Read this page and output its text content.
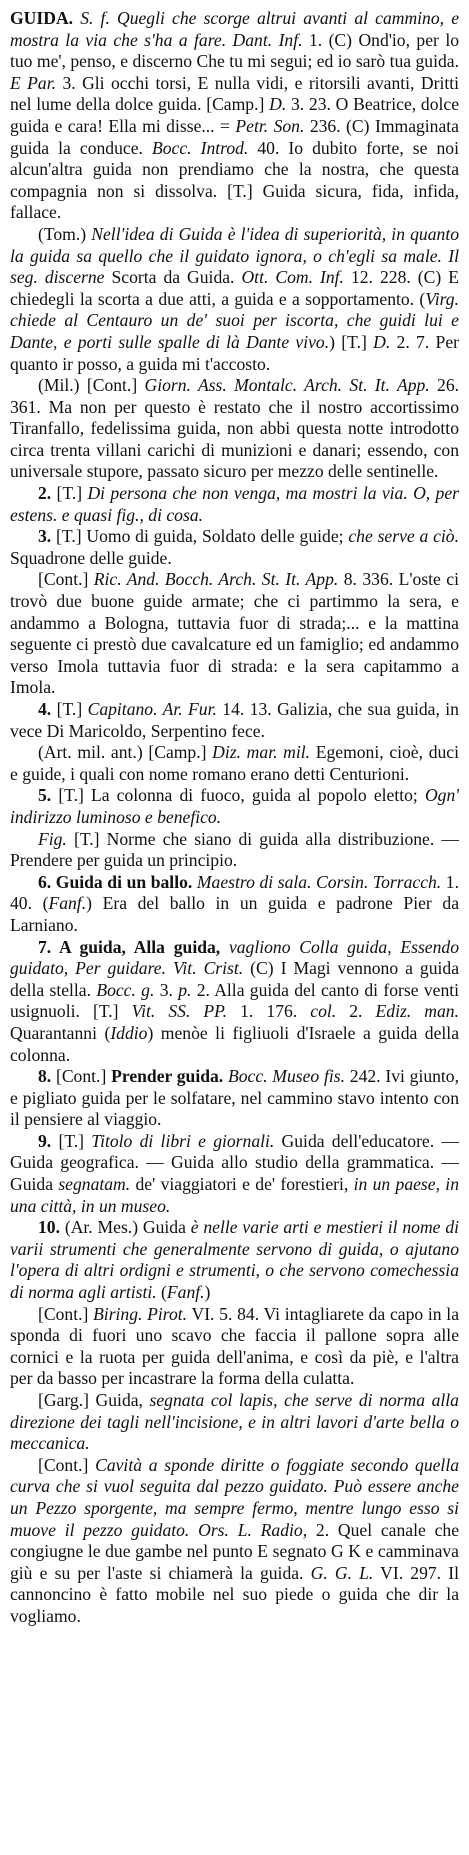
GUIDA. S. f. Quegli che scorge altrui avanti al cammino, e mostra la via che s'ha a fare. Dant. Inf. 1. (C) Ond'io, per lo tuo me', penso, e discerno Che tu mi segui; ed io sarò tua guida. E Par. 3. Gli occhi torsi, E nulla vidi, e ritorsili avanti, Dritti nel lume della dolce guida. [Camp.] D. 3. 23. O Beatrice, dolce guida e cara! Ella mi disse... = Petr. Son. 236. (C) Immaginata guida la conduce. Bocc. Introd. 40. Io dubito forte, se noi alcun'altra guida non prendiamo che la nostra, che questa compagnia non si dissolva. [T.] Guida sicura, fida, infida, fallace.

(Tom.) Nell'idea di Guida è l'idea di superiorità, in quanto la guida sa quello che il guidato ignora, o ch'egli sa male. Il seg. discerne Scorta da Guida. Ott. Com. Inf. 12. 228. (C) E chiedegli la scorta a due atti, a guida e a sopportamento. (Virg. chiede al Centauro un de' suoi per iscorta, che guidi lui e Dante, e porti sulle spalle di là Dante vivo.) [T.] D. 2. 7. Per quanto ir posso, a guida mi t'accosto.

(Mil.) [Cont.] Giorn. Ass. Montalc. Arch. St. It. App. 26. 361. Ma non per questo è restato che il nostro accortissimo Tiranfallo, fedelissima guida, non abbi questa notte introdotto circa trenta villani carichi di munizioni e danari; essendo, con universale stupore, passato sicuro per mezzo delle sentinelle.

2. [T.] Di persona che non venga, ma mostri la via. O, per estens. e quasi fig., di cosa.

3. [T.] Uomo di guida, Soldato delle guide; che serve a ciò. Squadrone delle guide.

[Cont.] Ric. And. Bocch. Arch. St. It. App. 8. 336. L'oste ci trovò due buone guide armate; che ci partimmo la sera, e andammo a Bologna, tuttavia fuor di strada;... e la mattina seguente ci prestò due cavalcature ed un famiglio; ed andammo verso Imola tuttavia fuor di strada: e la sera capitammo a Imola.

4. [T.] Capitano. Ar. Fur. 14. 13. Galizia, che sua guida, in vece Di Maricoldo, Serpentino fece.

(Art. mil. ant.) [Camp.] Diz. mar. mil. Egemoni, cioè, duci e guide, i quali con nome romano erano detti Centurioni.

5. [T.] La colonna di fuoco, guida al popolo eletto; Ogn' indirizzo luminoso e benefico.

Fig. [T.] Norme che siano di guida alla distribuzione. — Prendere per guida un principio.

6. Guida di un ballo. Maestro di sala. Corsin. Torracch. 1. 40. (Fanf.) Era del ballo in un guida e padrone Pier da Larniano.

7. A guida, Alla guida, vagliono Colla guida, Essendo guidato, Per guidare. Vit. Crist. (C) I Magi vennono a guida della stella. Bocc. g. 3. p. 2. Alla guida del canto di forse venti usignuoli. [T.] Vit. SS. PP. 1. 176. col. 2. Ediz. man. Quarantanni (Iddio) menòe li figliuoli d'Israele a guida della colonna.

8. [Cont.] Prender guida. Bocc. Museo fis. 242. Ivi giunto, e pigliato guida per le solfatare, nel cammino stavo intento con il pensiere al viaggio.

9. [T.] Titolo di libri e giornali. Guida dell'educatore. — Guida geografica. — Guida allo studio della grammatica. — Guida segnatam. de' viaggiatori e de' forestieri, in un paese, in una città, in un museo.

10. (Ar. Mes.) Guida è nelle varie arti e mestieri il nome di varii strumenti che generalmente servono di guida, o ajutano l'opera di altri ordigni e strumenti, o che servono comechessia di norma agli artisti. (Fanf.)

[Cont.] Biring. Pirot. VI. 5. 84. Vi intagliarete da capo in la sponda di fuori uno scavo che faccia il pallone sopra alle cornici e la ruota per guida dell'anima, e così da piè, e l'altra per da basso per incastrare la forma della culatta.

[Garg.] Guida, segnata col lapis, che serve di norma alla direzione dei tagli nell'incisione, e in altri lavori d'arte bella o meccanica.

[Cont.] Cavità a sponde diritte o foggiate secondo quella curva che si vuol seguita dal pezzo guidato. Può essere anche un Pezzo sporgente, ma sempre fermo, mentre lungo esso si muove il pezzo guidato. Ors. L. Radio, 2. Quel canale che congiugne le due gambe nel punto E segnato G K e camminava giù e su per l'aste si chiamerà la guida. G. G. L. VI. 297. Il cannoncino è fatto mobile nel suo piede o guida che dir la vogliamo.
